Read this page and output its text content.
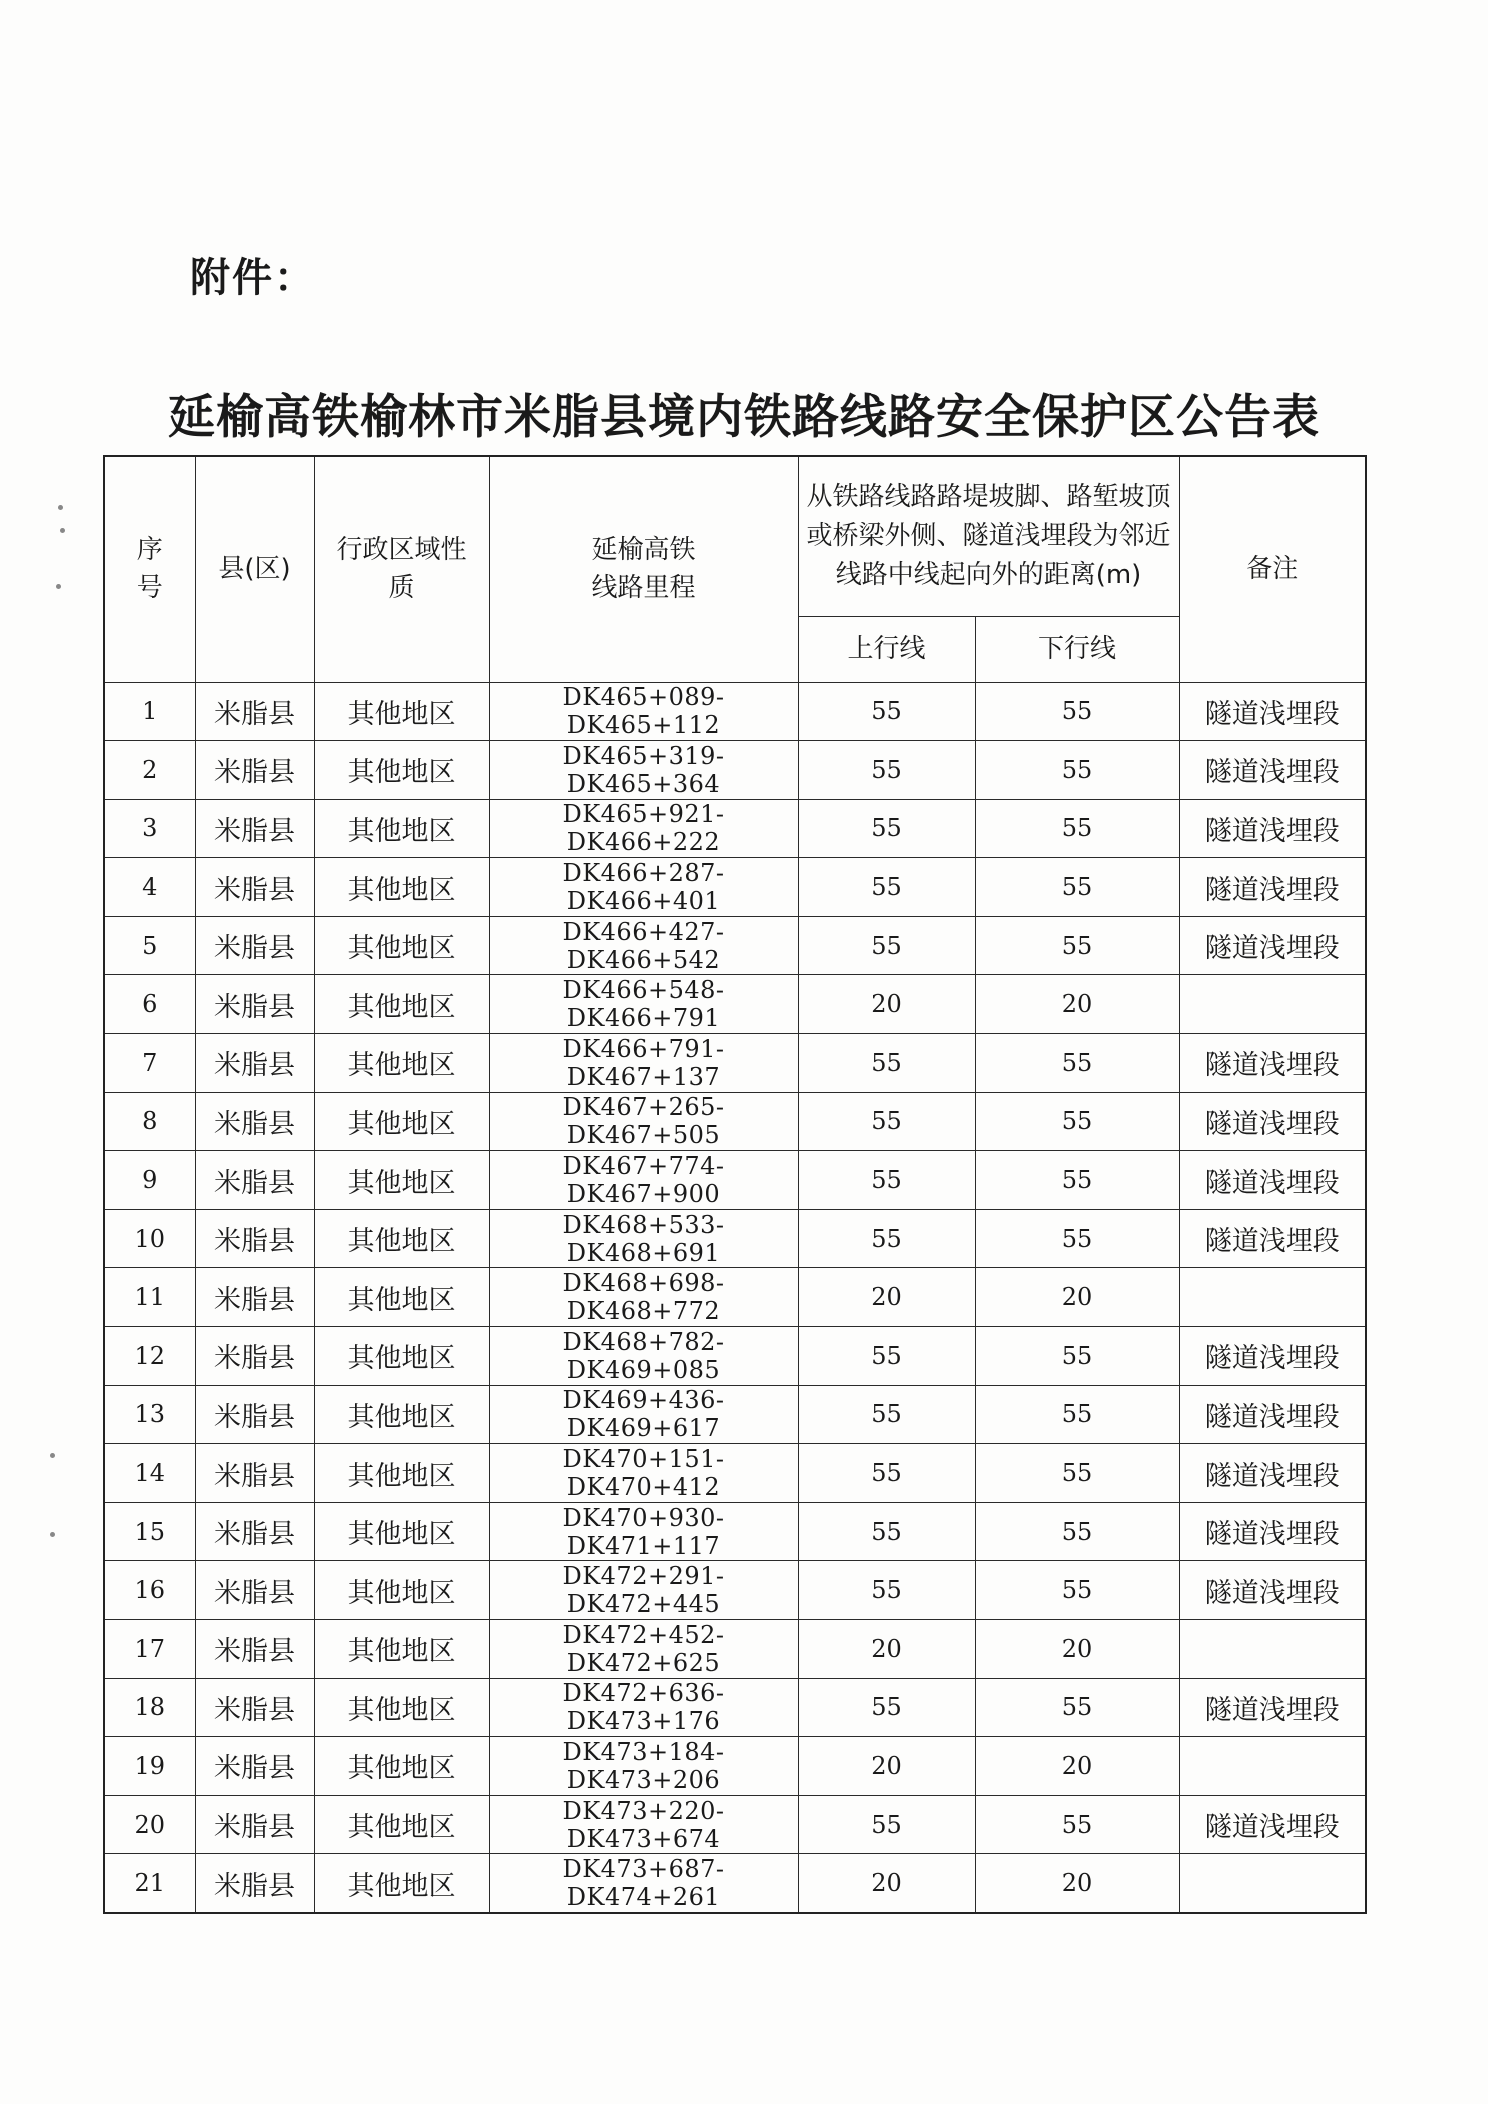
附件：
延榆高铁榆林市米脂县境内铁路线路安全保护区公告表
序号	县(区)	行政区域性质	延榆高铁线路里程	从铁路线路路堤坡脚、路堑坡顶或桥梁外侧、隧道浅埋段为邻近线路中线起向外的距离(m)		备注
				上行线	下行线	
1	米脂县	其他地区	DK465+089-DK465+112	55	55	隧道浅埋段
2	米脂县	其他地区	DK465+319-DK465+364	55	55	隧道浅埋段
3	米脂县	其他地区	DK465+921-DK466+222	55	55	隧道浅埋段
4	米脂县	其他地区	DK466+287-DK466+401	55	55	隧道浅埋段
5	米脂县	其他地区	DK466+427-DK466+542	55	55	隧道浅埋段
6	米脂县	其他地区	DK466+548-DK466+791	20	20	
7	米脂县	其他地区	DK466+791-DK467+137	55	55	隧道浅埋段
8	米脂县	其他地区	DK467+265-DK467+505	55	55	隧道浅埋段
9	米脂县	其他地区	DK467+774-DK467+900	55	55	隧道浅埋段
10	米脂县	其他地区	DK468+533-DK468+691	55	55	隧道浅埋段
11	米脂县	其他地区	DK468+698-DK468+772	20	20	
12	米脂县	其他地区	DK468+782-DK469+085	55	55	隧道浅埋段
13	米脂县	其他地区	DK469+436-DK469+617	55	55	隧道浅埋段
14	米脂县	其他地区	DK470+151-DK470+412	55	55	隧道浅埋段
15	米脂县	其他地区	DK470+930-DK471+117	55	55	隧道浅埋段
16	米脂县	其他地区	DK472+291-DK472+445	55	55	隧道浅埋段
17	米脂县	其他地区	DK472+452-DK472+625	20	20	
18	米脂县	其他地区	DK472+636-DK473+176	55	55	隧道浅埋段
19	米脂县	其他地区	DK473+184-DK473+206	20	20	
20	米脂县	其他地区	DK473+220-DK473+674	55	55	隧道浅埋段
21	米脂县	其他地区	DK473+687-DK474+261	20	20	
